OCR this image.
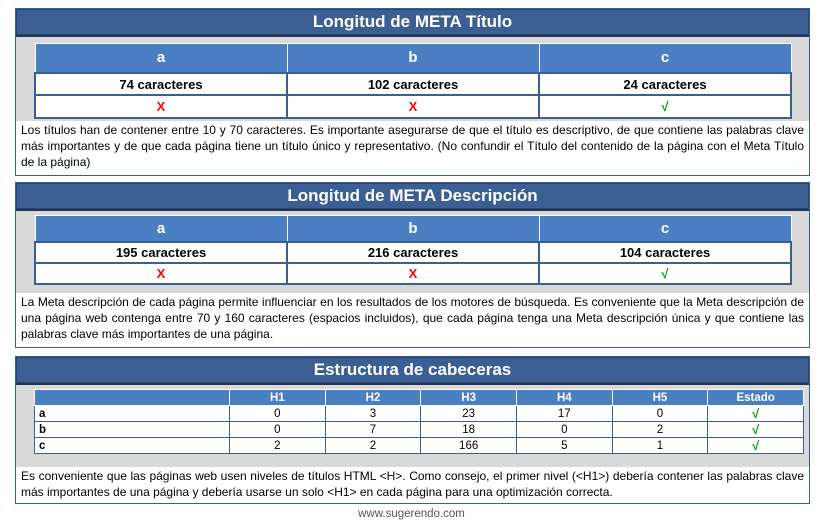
Longitud de META Título
a	b	c
74 caracteres	102 caracteres	24 caracteres
X	X	√
Los títulos han de contener entre 10 y 70 caracteres. Es importante asegurarse de que el título es descriptivo, de que contiene las palabras clave más importantes y de que cada página tiene un título único y representativo. (No confundir el Título del contenido de la página con el Meta Título de la página)
Longitud de META Descripción
a	b	c
195 caracteres	216 caracteres	104 caracteres
X	X	√
La Meta descripción de cada página permite influenciar en los resultados de los motores de búsqueda. Es conveniente que la Meta descripción de una página web contenga entre 70 y 160 caracteres (espacios incluidos), que cada página tenga una Meta descripción única y que contiene las palabras clave más importantes de una página.
Estructura de cabeceras
	H1	H2	H3	H4	H5	Estado
a	0	3	23	17	0	√
b	0	7	18	0	2	√
c	2	2	166	5	1	√
Es conveniente que las páginas web usen niveles de títulos HTML <H>. Como consejo, el primer nivel (<H1>) debería contener las palabras clave más importantes de una página y debería usarse un solo <H1> en cada página para una optimización correcta.
www.sugerendo.com
